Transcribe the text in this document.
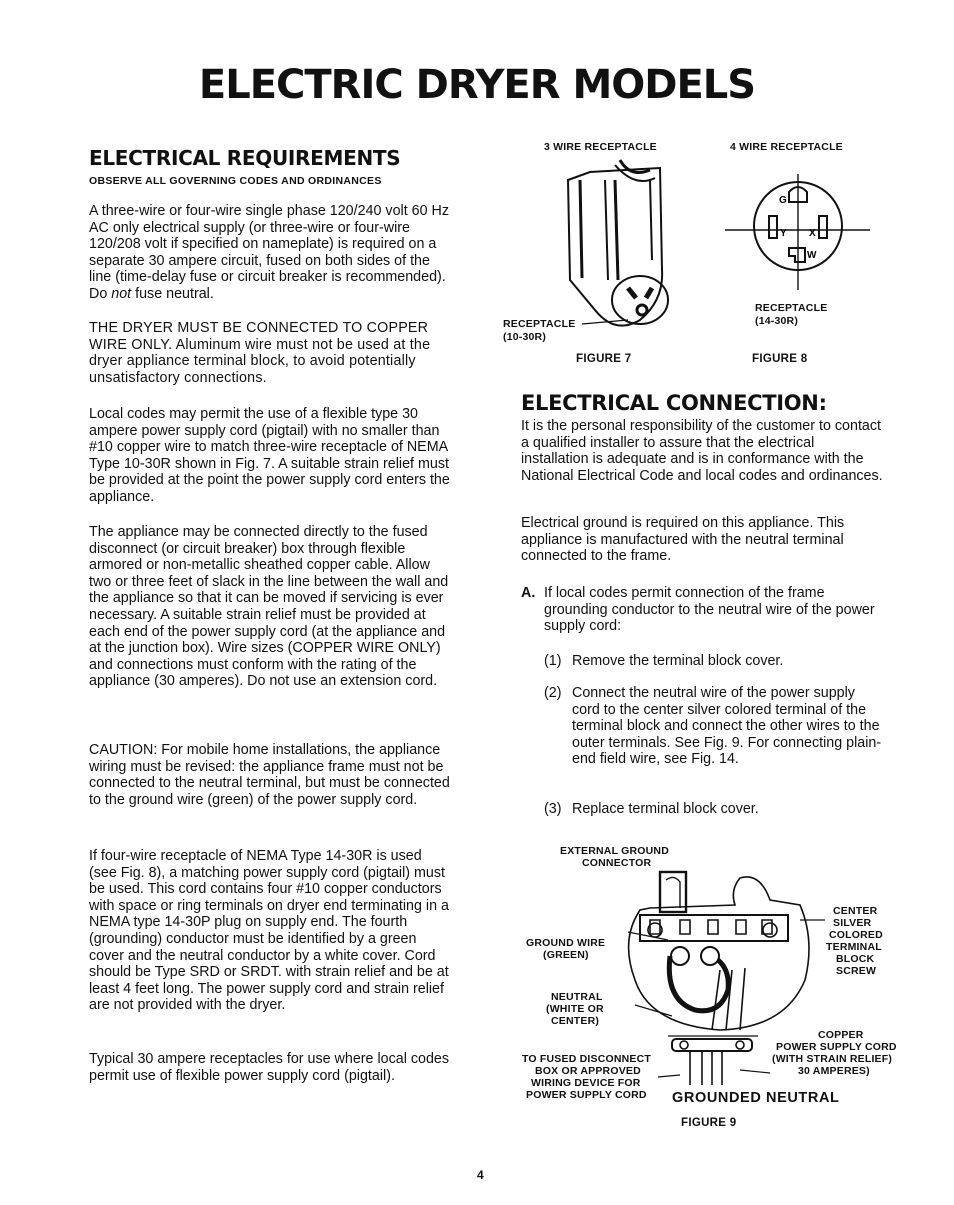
ELECTRIC DRYER MODELS
ELECTRICAL REQUIREMENTS
OBSERVE ALL GOVERNING CODES AND ORDINANCES
A three-wire or four-wire single phase 120/240 volt 60 Hz AC only electrical supply (or three-wire or four-wire 120/208 volt if specified on nameplate) is required on a separate 30 ampere circuit, fused on both sides of the line (time-delay fuse or circuit breaker is recommended). Do not fuse neutral.
THE DRYER MUST BE CONNECTED TO COPPER WIRE ONLY. Aluminum wire must not be used at the dryer appliance terminal block, to avoid potentially unsatisfactory connections.
Local codes may permit the use of a flexible type 30 ampere power supply cord (pigtail) with no smaller than #10 copper wire to match three-wire receptacle of NEMA Type 10-30R shown in Fig. 7. A suitable strain relief must be provided at the point the power supply cord enters the appliance.
The appliance may be connected directly to the fused disconnect (or circuit breaker) box through flexible armored or non-metallic sheathed copper cable. Allow two or three feet of slack in the line between the wall and the appliance so that it can be moved if servicing is ever necessary. A suitable strain relief must be provided at each end of the power supply cord (at the appliance and at the junction box). Wire sizes (COPPER WIRE ONLY) and connections must conform with the rating of the appliance (30 amperes). Do not use an extension cord.
CAUTION: For mobile home installations, the appliance wiring must be revised: the appliance frame must not be connected to the neutral terminal, but must be connected to the ground wire (green) of the power supply cord.
If four-wire receptacle of NEMA Type 14-30R is used (see Fig. 8), a matching power supply cord (pigtail) must be used. This cord contains four #10 copper conductors with space or ring terminals on dryer end terminating in a NEMA type 14-30P plug on supply end. The fourth (grounding) conductor must be identified by a green cover and the neutral conductor by a white cover. Cord should be Type SRD or SRDT. with strain relief and be at least 4 feet long. The power supply cord and strain relief are not provided with the dryer.
Typical 30 ampere receptacles for use where local codes permit use of flexible power supply cord (pigtail).
3 WIRE RECEPTACLE
RECEPTACLE
(10-30R)
FIGURE 7
4 WIRE RECEPTACLE
G
Y X
W
RECEPTACLE
(14-30R)
FIGURE 8
ELECTRICAL CONNECTION:
It is the personal responsibility of the customer to contact a qualified installer to assure that the electrical installation is adequate and is in conformance with the National Electrical Code and local codes and ordinances.
Electrical ground is required on this appliance. This appliance is manufactured with the neutral terminal connected to the frame.
A. If local codes permit connection of the frame grounding conductor to the neutral wire of the power supply cord:
(1) Remove the terminal block cover.
(2) Connect the neutral wire of the power supply cord to the center silver colored terminal of the terminal block and connect the other wires to the outer terminals. See Fig. 9. For connecting plain-end field wire, see Fig. 14.
(3) Replace terminal block cover.
EXTERNAL GROUND
CONNECTOR
GROUND WIRE
(GREEN)
NEUTRAL
(WHITE OR
CENTER)
CENTER
SILVER
COLORED
TERMINAL
BLOCK
SCREW
COPPER
POWER SUPPLY CORD
(WITH STRAIN RELIEF)
30 AMPERES)
TO FUSED DISCONNECT
BOX OR APPROVED
WIRING DEVICE FOR
POWER SUPPLY CORD GROUNDED NEUTRAL
FIGURE 9
4
